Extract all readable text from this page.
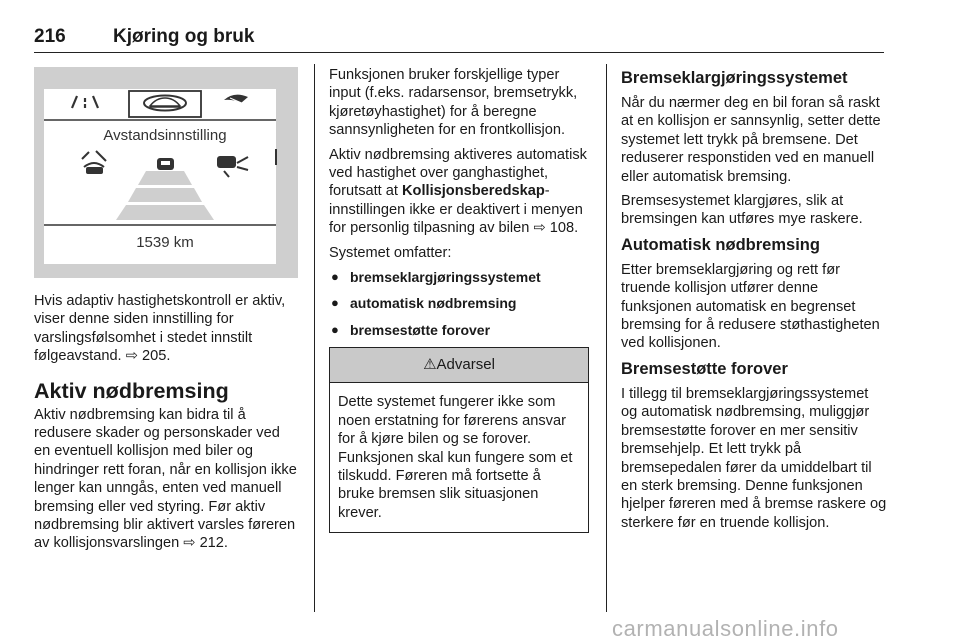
216 Kjøring og bruk
Avstandsinnstilling
1539 km

Hvis adaptiv hastighetskontroll er aktiv, viser denne siden innstilling for varslingsfølsomhet i stedet innstilt følgeavstand. ⇨ 205.

Aktiv nødbremsing

Aktiv nødbremsing kan bidra til å redusere skader og personskader ved en eventuell kollisjon med biler og hindringer rett foran, når en kollisjon ikke lenger kan unngås, enten ved manuell bremsing eller ved styring. Før aktiv nødbremsing blir aktivert varsles føreren av kollisjonsvarslingen ⇨ 212.

Funksjonen bruker forskjellige typer input (f.eks. radarsensor, bremsetrykk, kjøretøyhastighet) for å beregne sannsynligheten for en frontkollisjon.

Aktiv nødbremsing aktiveres automatisk ved hastighet over ganghastighet, forutsatt at Kollisjonsberedskap-innstillingen ikke er deaktivert i menyen for personlig tilpasning av bilen ⇨ 108.

Systemet omfatter:

● bremseklargjøringssystemet
● automatisk nødbremsing
● bremsestøtte forover
⚠Advarsel
Dette systemet fungerer ikke som noen erstatning for førerens ansvar for å kjøre bilen og se forover. Funksjonen skal kun fungere som et tilskudd. Føreren må fortsette å bruke bremsen slik situasjonen krever.
Bremseklargjøringssystemet

Når du nærmer deg en bil foran så raskt at en kollisjon er sannsynlig, setter dette systemet lett trykk på bremsene. Det reduserer responstiden ved en manuell eller automatisk bremsing.

Bremsesystemet klargjøres, slik at bremsingen kan utføres mye raskere.

Automatisk nødbremsing

Etter bremseklargjøring og rett før truende kollisjon utfører denne funksjonen automatisk en begrenset bremsing for å redusere støthastigheten ved kollisjonen.

Bremsestøtte forover

I tillegg til bremseklargjøringssystemet og automatisk nødbremsing, muliggjør bremsestøtte forover en mer sensitiv bremsehjelp. Et lett trykk på bremsepedalen fører da umiddelbart til en sterk bremsing. Denne funksjonen hjelper føreren med å bremse raskere og sterkere før en truende kollisjon.

carmanualsonline.info
